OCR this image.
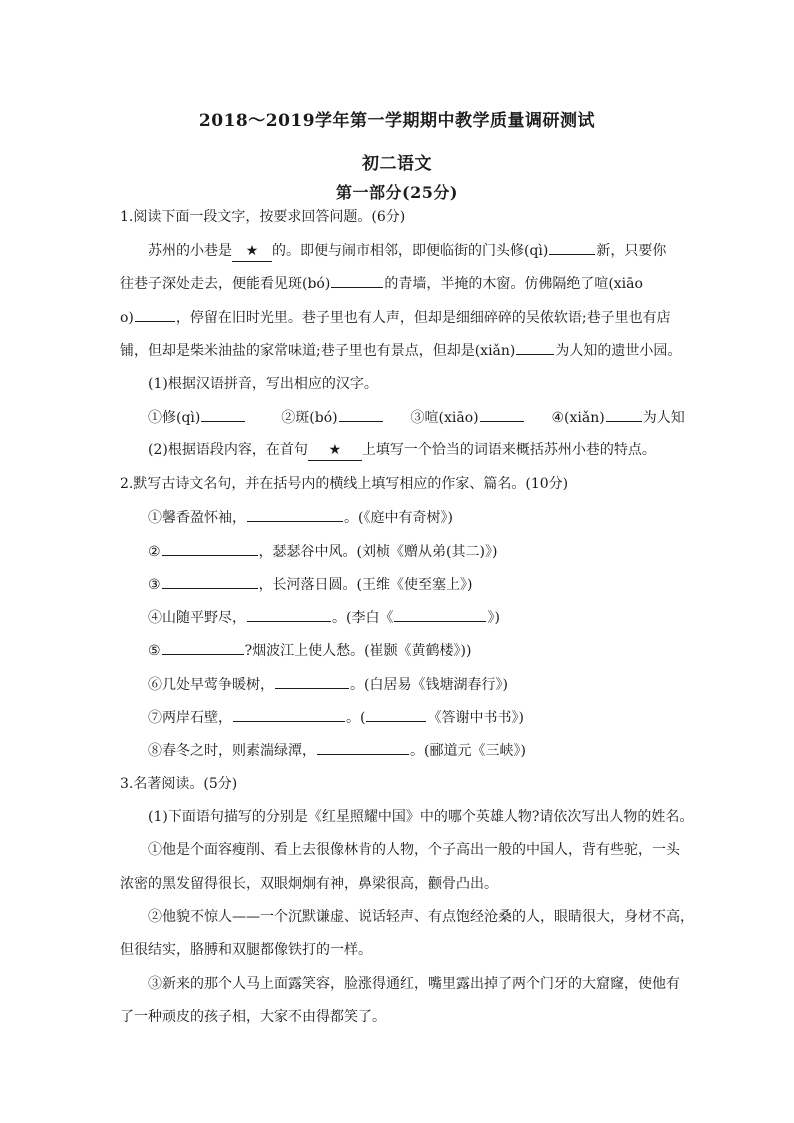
2018～2019学年第一学期期中教学质量调研测试
初二语文
第一部分(25分)
1.阅读下面一段文字，按要求回答问题。(6分)
苏州的小巷是 ★ 的。即便与闹市相邻，即便临街的门头修(qì)	新，只要你
往巷子深处走去，便能看见斑(bó)	的青墙，半掩的木窗。仿佛隔绝了喧(xiāo
o)	，停留在旧时光里。巷子里也有人声，但却是细细碎碎的吴侬软语;巷子里也有店
铺，但却是柴米油盐的家常味道;巷子里也有景点，但却是(xiǎn)	为人知的遗世小园。
(1)根据汉语拼音，写出相应的汉字。
①修(qì)	②斑(bó)	③喧(xiāo)	④(xiǎn)	为人知
(2)根据语段内容，在首句 ★ 上填写一个恰当的词语来概括苏州小巷的特点。
2.默写古诗文名句，并在括号内的横线上填写相应的作家、篇名。(10分)
①馨香盈怀袖，	。(《庭中有奇树》)
②	，瑟瑟谷中风。(刘桢《赠从弟(其二)》)
③	，长河落日圆。(王维《使至塞上》)
④山随平野尽，	。(李白《	》)
⑤	?烟波江上使人愁。(崔颢《黄鹤楼》))
⑥几处早莺争暖树，	。(白居易《钱塘湖春行》)
⑦两岸石壁，	。(	《答谢中书书》)
⑧春冬之时，则素湍绿潭，	。(郦道元《三峡》)
3.名著阅读。(5分)
(1)下面语句描写的分别是《红星照耀中国》中的哪个英雄人物?请依次写出人物的姓名。
①他是个面容瘦削、看上去很像林肯的人物，个子高出一般的中国人，背有些驼，一头
浓密的黑发留得很长，双眼炯炯有神，鼻梁很高，颧骨凸出。
②他貌不惊人——一个沉默谦虚、说话轻声、有点饱经沧桑的人，眼睛很大，身材不高，
但很结实，胳膊和双腿都像铁打的一样。
③新来的那个人马上面露笑容，脸涨得通红，嘴里露出掉了两个门牙的大窟窿，使他有
了一种顽皮的孩子相，大家不由得都笑了。
